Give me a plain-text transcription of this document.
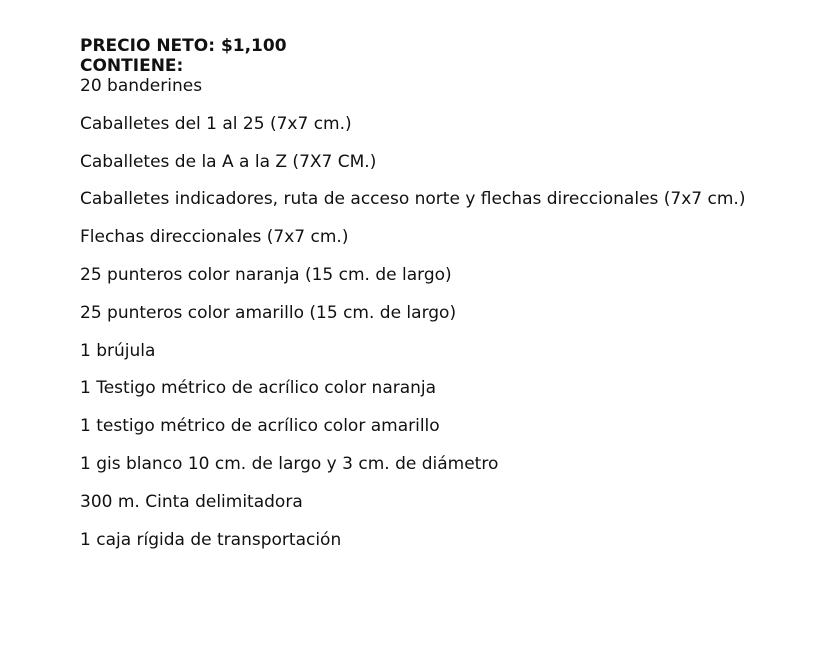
PRECIO NETO: $1,100

CONTIENE:

20 banderines

Caballetes del 1 al 25 (7x7 cm.)
Caballetes de la A a la Z (7X7 CM.)
Caballetes indicadores, ruta de acceso norte y flechas direccionales (7x7 cm.)
Flechas direccionales (7x7 cm.)
25 punteros color naranja (15 cm. de largo)
25 punteros color amarillo (15 cm. de largo)
1 brújula
1 Testigo métrico de acrílico color naranja
1 testigo métrico de acrílico color amarillo
1 gis blanco 10 cm. de largo y 3 cm. de diámetro
300 m. Cinta delimitadora
1 caja rígida de transportación
